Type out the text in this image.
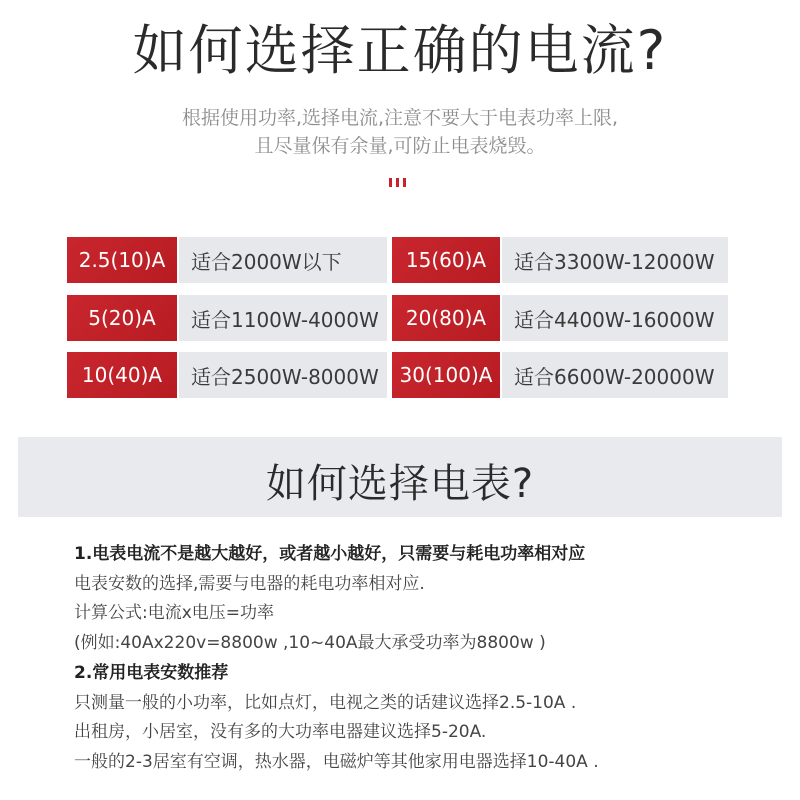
如何选择正确的电流?
根据使用功率,选择电流,注意不要大于电表功率上限,
且尽量保有余量,可防止电表烧毁。
2.5(10)A	适合2000W以下	15(60)A	适合3300W-12000W
5(20)A	适合1100W-4000W	20(80)A	适合4400W-16000W
10(40)A	适合2500W-8000W	30(100)A	适合6600W-20000W
如何选择电表?
1.电表电流不是越大越好，或者越小越好，只需要与耗电功率相对应
电表安数的选择,需要与电器的耗电功率相对应.
计算公式:电流x电压=功率
(例如:40Ax220v=8800w ,10~40A最大承受功率为8800w )
2.常用电表安数推荐
只测量一般的小功率，比如点灯，电视之类的话建议选择2.5-10A .
出租房，小居室，没有多的大功率电器建议选择5-20A.
一般的2-3居室有空调，热水器，电磁炉等其他家用电器选择10-40A .
